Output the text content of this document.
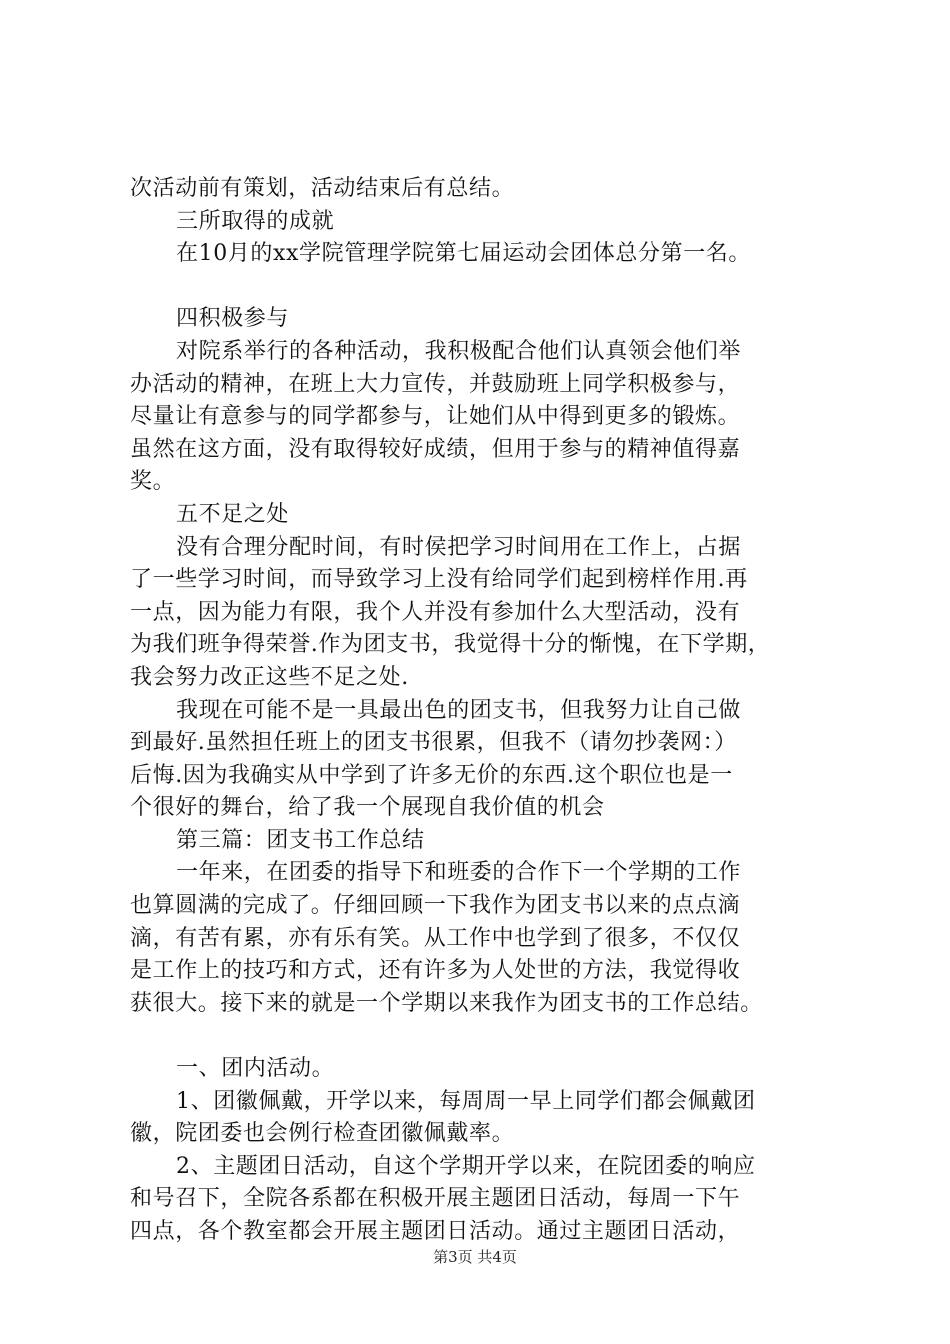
次活动前有策划，活动结束后有总结。
三所取得的成就
在10月的xx学院管理学院第七届运动会团体总分第一名。
四积极参与
对院系举行的各种活动，我积极配合他们认真领会他们举
办活动的精神，在班上大力宣传，并鼓励班上同学积极参与，
尽量让有意参与的同学都参与，让她们从中得到更多的锻炼。
虽然在这方面，没有取得较好成绩，但用于参与的精神值得嘉
奖。
五不足之处
没有合理分配时间，有时侯把学习时间用在工作上，占据
了一些学习时间，而导致学习上没有给同学们起到榜样作用.再
一点，因为能力有限，我个人并没有参加什么大型活动，没有
为我们班争得荣誉.作为团支书，我觉得十分的惭愧，在下学期，
我会努力改正这些不足之处.
我现在可能不是一具最出色的团支书，但我努力让自己做
到最好.虽然担任班上的团支书很累，但我不（请勿抄袭网：）
后悔.因为我确实从中学到了许多无价的东西.这个职位也是一
个很好的舞台，给了我一个展现自我价值的机会
第三篇：团支书工作总结
一年来，在团委的指导下和班委的合作下一个学期的工作
也算圆满的完成了。仔细回顾一下我作为团支书以来的点点滴
滴，有苦有累，亦有乐有笑。从工作中也学到了很多，不仅仅
是工作上的技巧和方式，还有许多为人处世的方法，我觉得收
获很大。接下来的就是一个学期以来我作为团支书的工作总结。
一、团内活动。
1、团徽佩戴，开学以来，每周周一早上同学们都会佩戴团
徽，院团委也会例行检查团徽佩戴率。
2、主题团日活动，自这个学期开学以来，在院团委的响应
和号召下，全院各系都在积极开展主题团日活动，每周一下午
四点，各个教室都会开展主题团日活动。通过主题团日活动，
第3页 共4页
